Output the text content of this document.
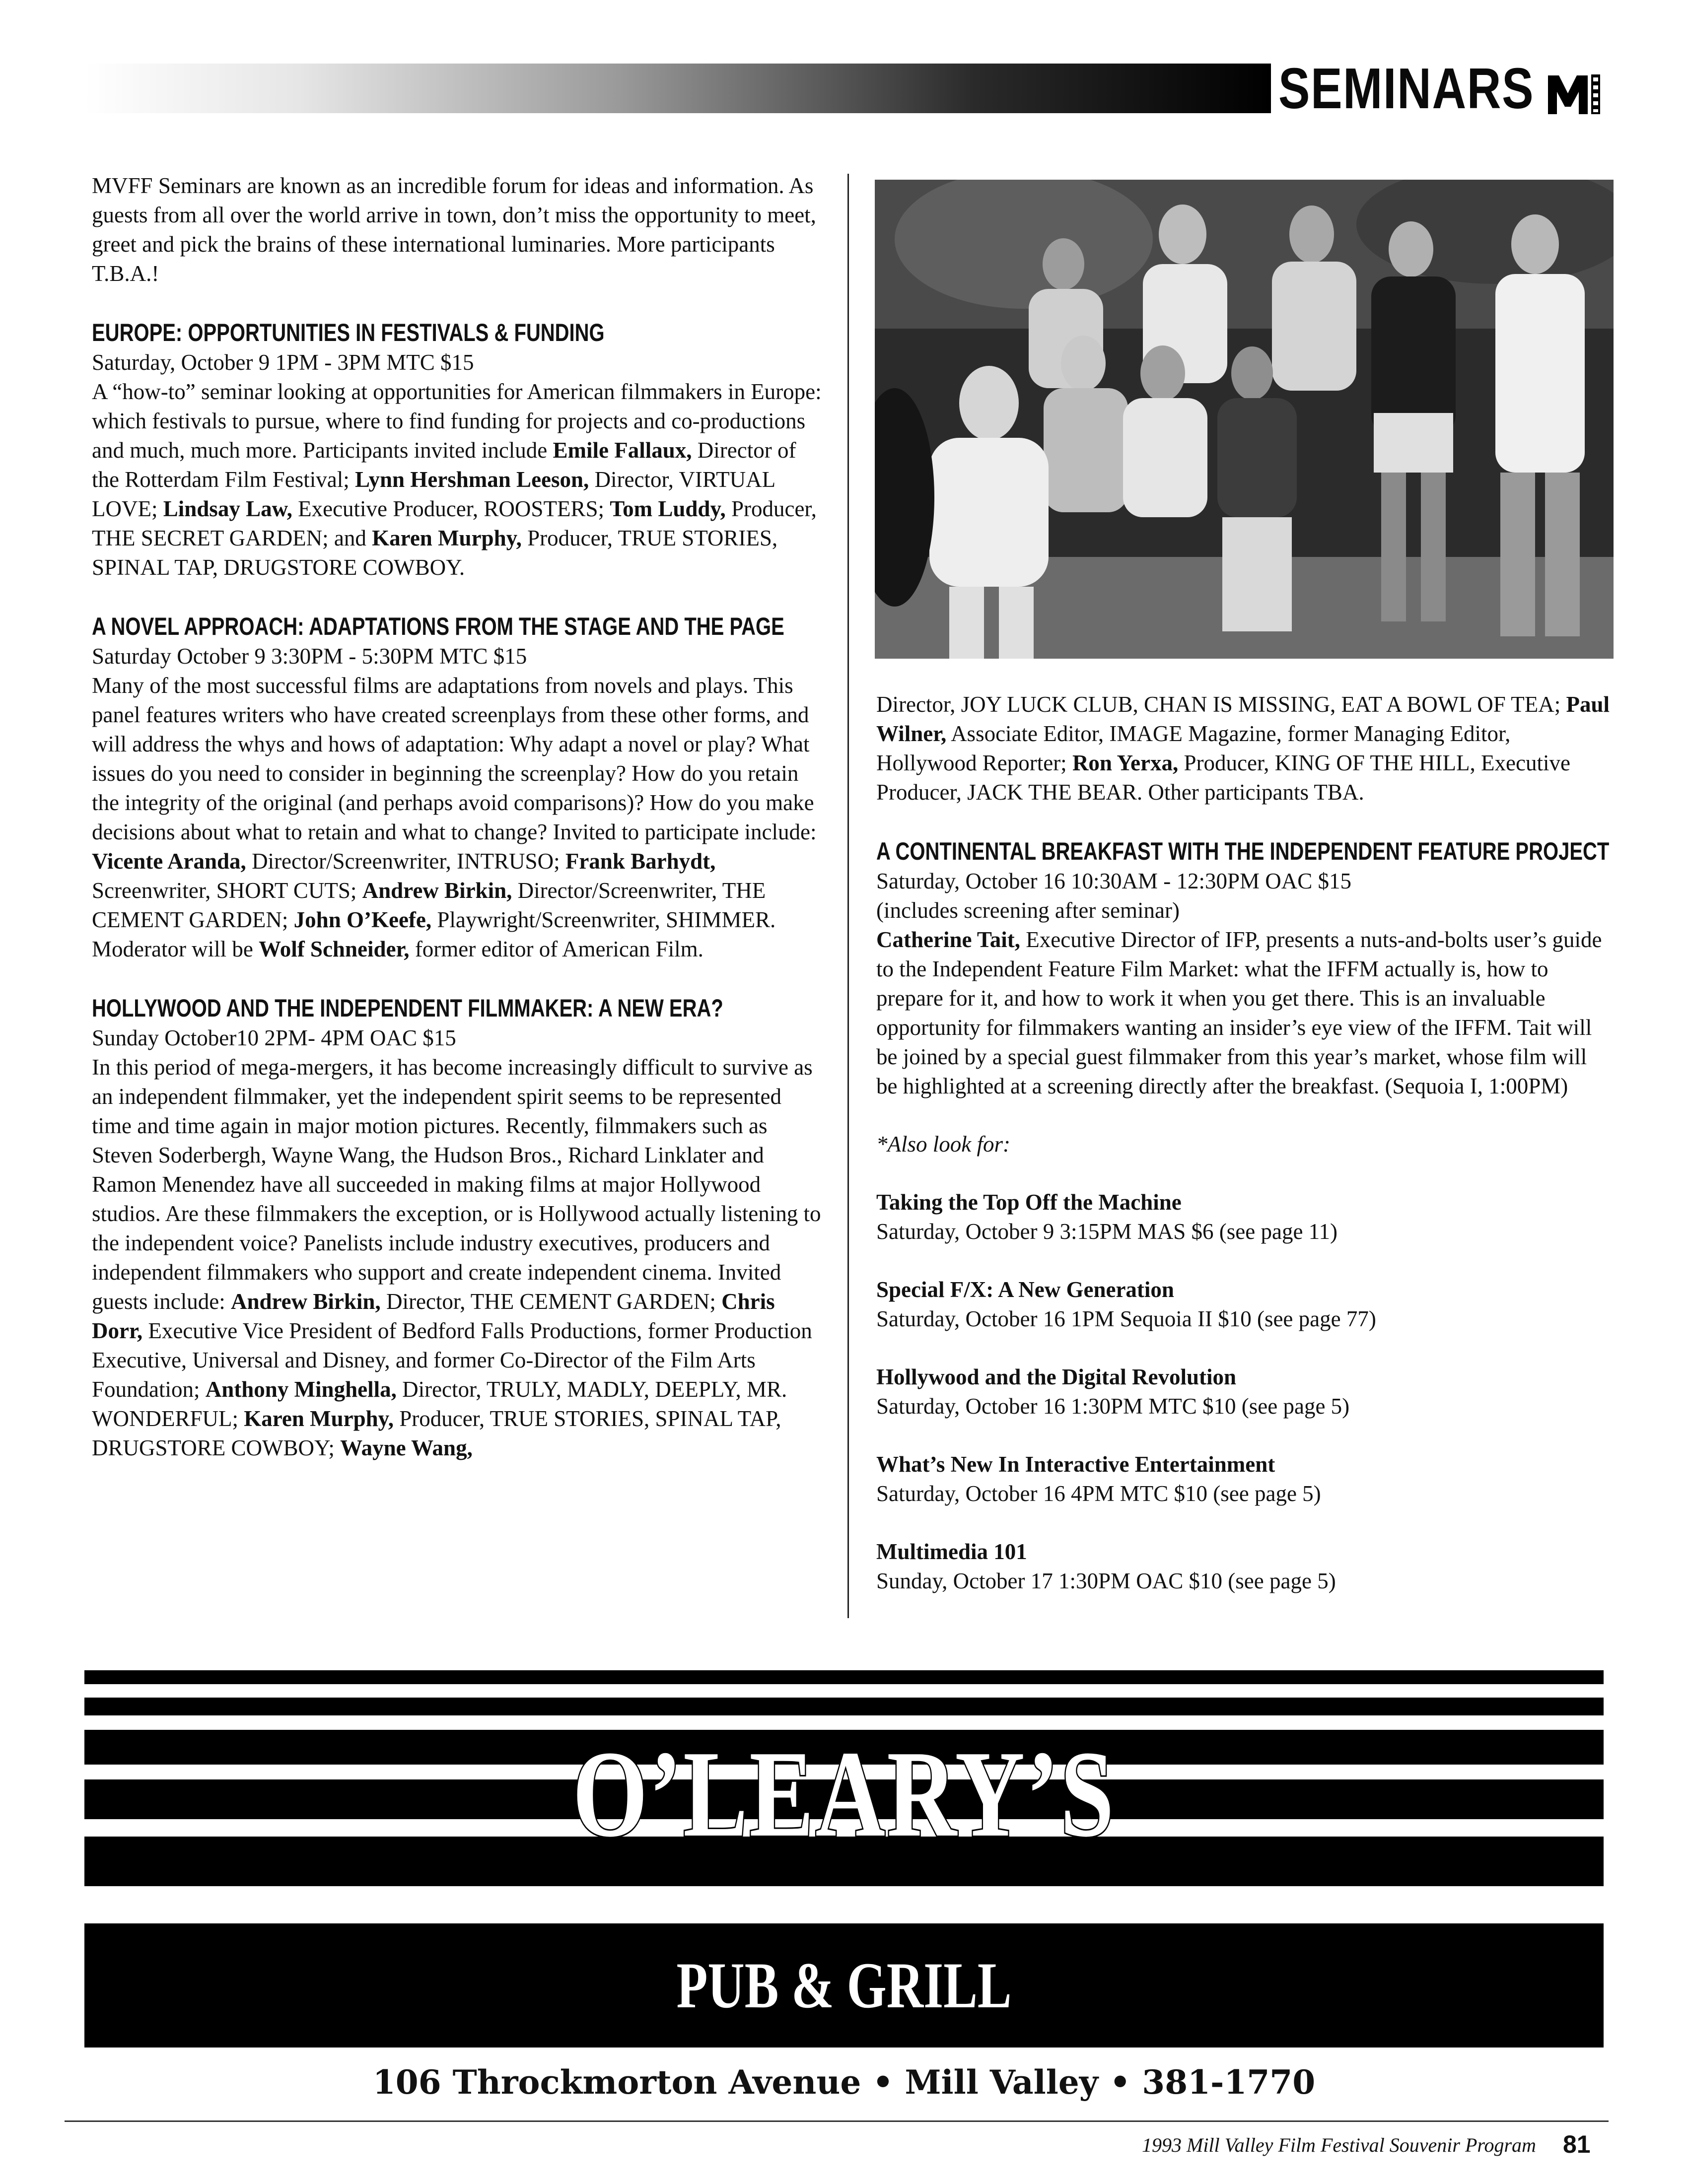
SEMINARS

MVFF Seminars are known as an incredible forum for ideas and information. As guests from all over the world arrive in town, don’t miss the opportunity to meet, greet and pick the brains of these international luminaries. More participants T.B.A.!

EUROPE: OPPORTUNITIES IN FESTIVALS & FUNDING
Saturday, October 9 1PM - 3PM MTC $15
A “how-to” seminar looking at opportunities for American filmmakers in Europe: which festivals to pursue, where to find funding for projects and co-productions and much, much more. Participants invited include Emile Fallaux, Director of the Rotterdam Film Festival; Lynn Hershman Leeson, Director, VIRTUAL LOVE; Lindsay Law, Executive Producer, ROOSTERS; Tom Luddy, Producer, THE SECRET GARDEN; and Karen Murphy, Producer, TRUE STORIES, SPINAL TAP, DRUGSTORE COWBOY.
A NOVEL APPROACH: ADAPTATIONS FROM THE STAGE AND THE PAGE
Saturday October 9 3:30PM - 5:30PM MTC $15
Many of the most successful films are adaptations from novels and plays. This panel features writers who have created screenplays from these other forms, and will address the whys and hows of adaptation: Why adapt a novel or play? What issues do you need to consider in beginning the screenplay? How do you retain the integrity of the original (and perhaps avoid comparisons)? How do you make decisions about what to retain and what to change? Invited to participate include: Vicente Aranda, Director/Screenwriter, INTRUSO; Frank Barhydt, Screenwriter, SHORT CUTS; Andrew Birkin, Director/Screenwriter, THE CEMENT GARDEN; John O’Keefe, Playwright/Screenwriter, SHIMMER. Moderator will be Wolf Schneider, former editor of American Film.
HOLLYWOOD AND THE INDEPENDENT FILMMAKER: A NEW ERA?
Sunday October10 2PM- 4PM OAC $15
In this period of mega-mergers, it has become increasingly difficult to survive as an independent filmmaker, yet the independent spirit seems to be represented time and time again in major motion pictures. Recently, filmmakers such as Steven Soderbergh, Wayne Wang, the Hudson Bros., Richard Linklater and Ramon Menendez have all succeeded in making films at major Hollywood studios. Are these filmmakers the exception, or is Hollywood actually listening to the independent voice? Panelists include industry executives, producers and independent filmmakers who support and create independent cinema. Invited guests include: Andrew Birkin, Director, THE CEMENT GARDEN; Chris Dorr, Executive Vice President of Bedford Falls Productions, former Production Executive, Universal and Disney, and former Co-Director of the Film Arts Foundation; Anthony Minghella, Director, TRULY, MADLY, DEEPLY, MR. WONDERFUL; Karen Murphy, Producer, TRUE STORIES, SPINAL TAP, DRUGSTORE COWBOY; Wayne Wang,

Director, JOY LUCK CLUB, CHAN IS MISSING, EAT A BOWL OF TEA; Paul Wilner, Associate Editor, IMAGE Magazine, former Managing Editor, Hollywood Reporter; Ron Yerxa, Producer, KING OF THE HILL, Executive Producer, JACK THE BEAR. Other participants TBA.

A CONTINENTAL BREAKFAST WITH THE INDEPENDENT FEATURE PROJECT
Saturday, October 16 10:30AM - 12:30PM OAC $15
(includes screening after seminar)
Catherine Tait, Executive Director of IFP, presents a nuts-and-bolts user’s guide to the Independent Feature Film Market: what the IFFM actually is, how to prepare for it, and how to work it when you get there. This is an invaluable opportunity for filmmakers wanting an insider’s eye view of the IFFM. Tait will be joined by a special guest filmmaker from this year’s market, whose film will be highlighted at a screening directly after the breakfast. (Sequoia I, 1:00PM)

*Also look for:

Taking the Top Off the Machine
Saturday, October 9 3:15PM MAS $6 (see page 11)
Special F/X: A New Generation
Saturday, October 16 1PM Sequoia II $10 (see page 77)
Hollywood and the Digital Revolution
Saturday, October 16 1:30PM MTC $10 (see page 5)
What’s New In Interactive Entertainment
Saturday, October 16 4PM MTC $10 (see page 5)
Multimedia 101
Sunday, October 17 1:30PM OAC $10 (see page 5)
O’LEARY’S
PUB & GRILL
106 Throckmorton Avenue • Mill Valley • 381-1770
1993 Mill Valley Film Festival Souvenir Program 81
